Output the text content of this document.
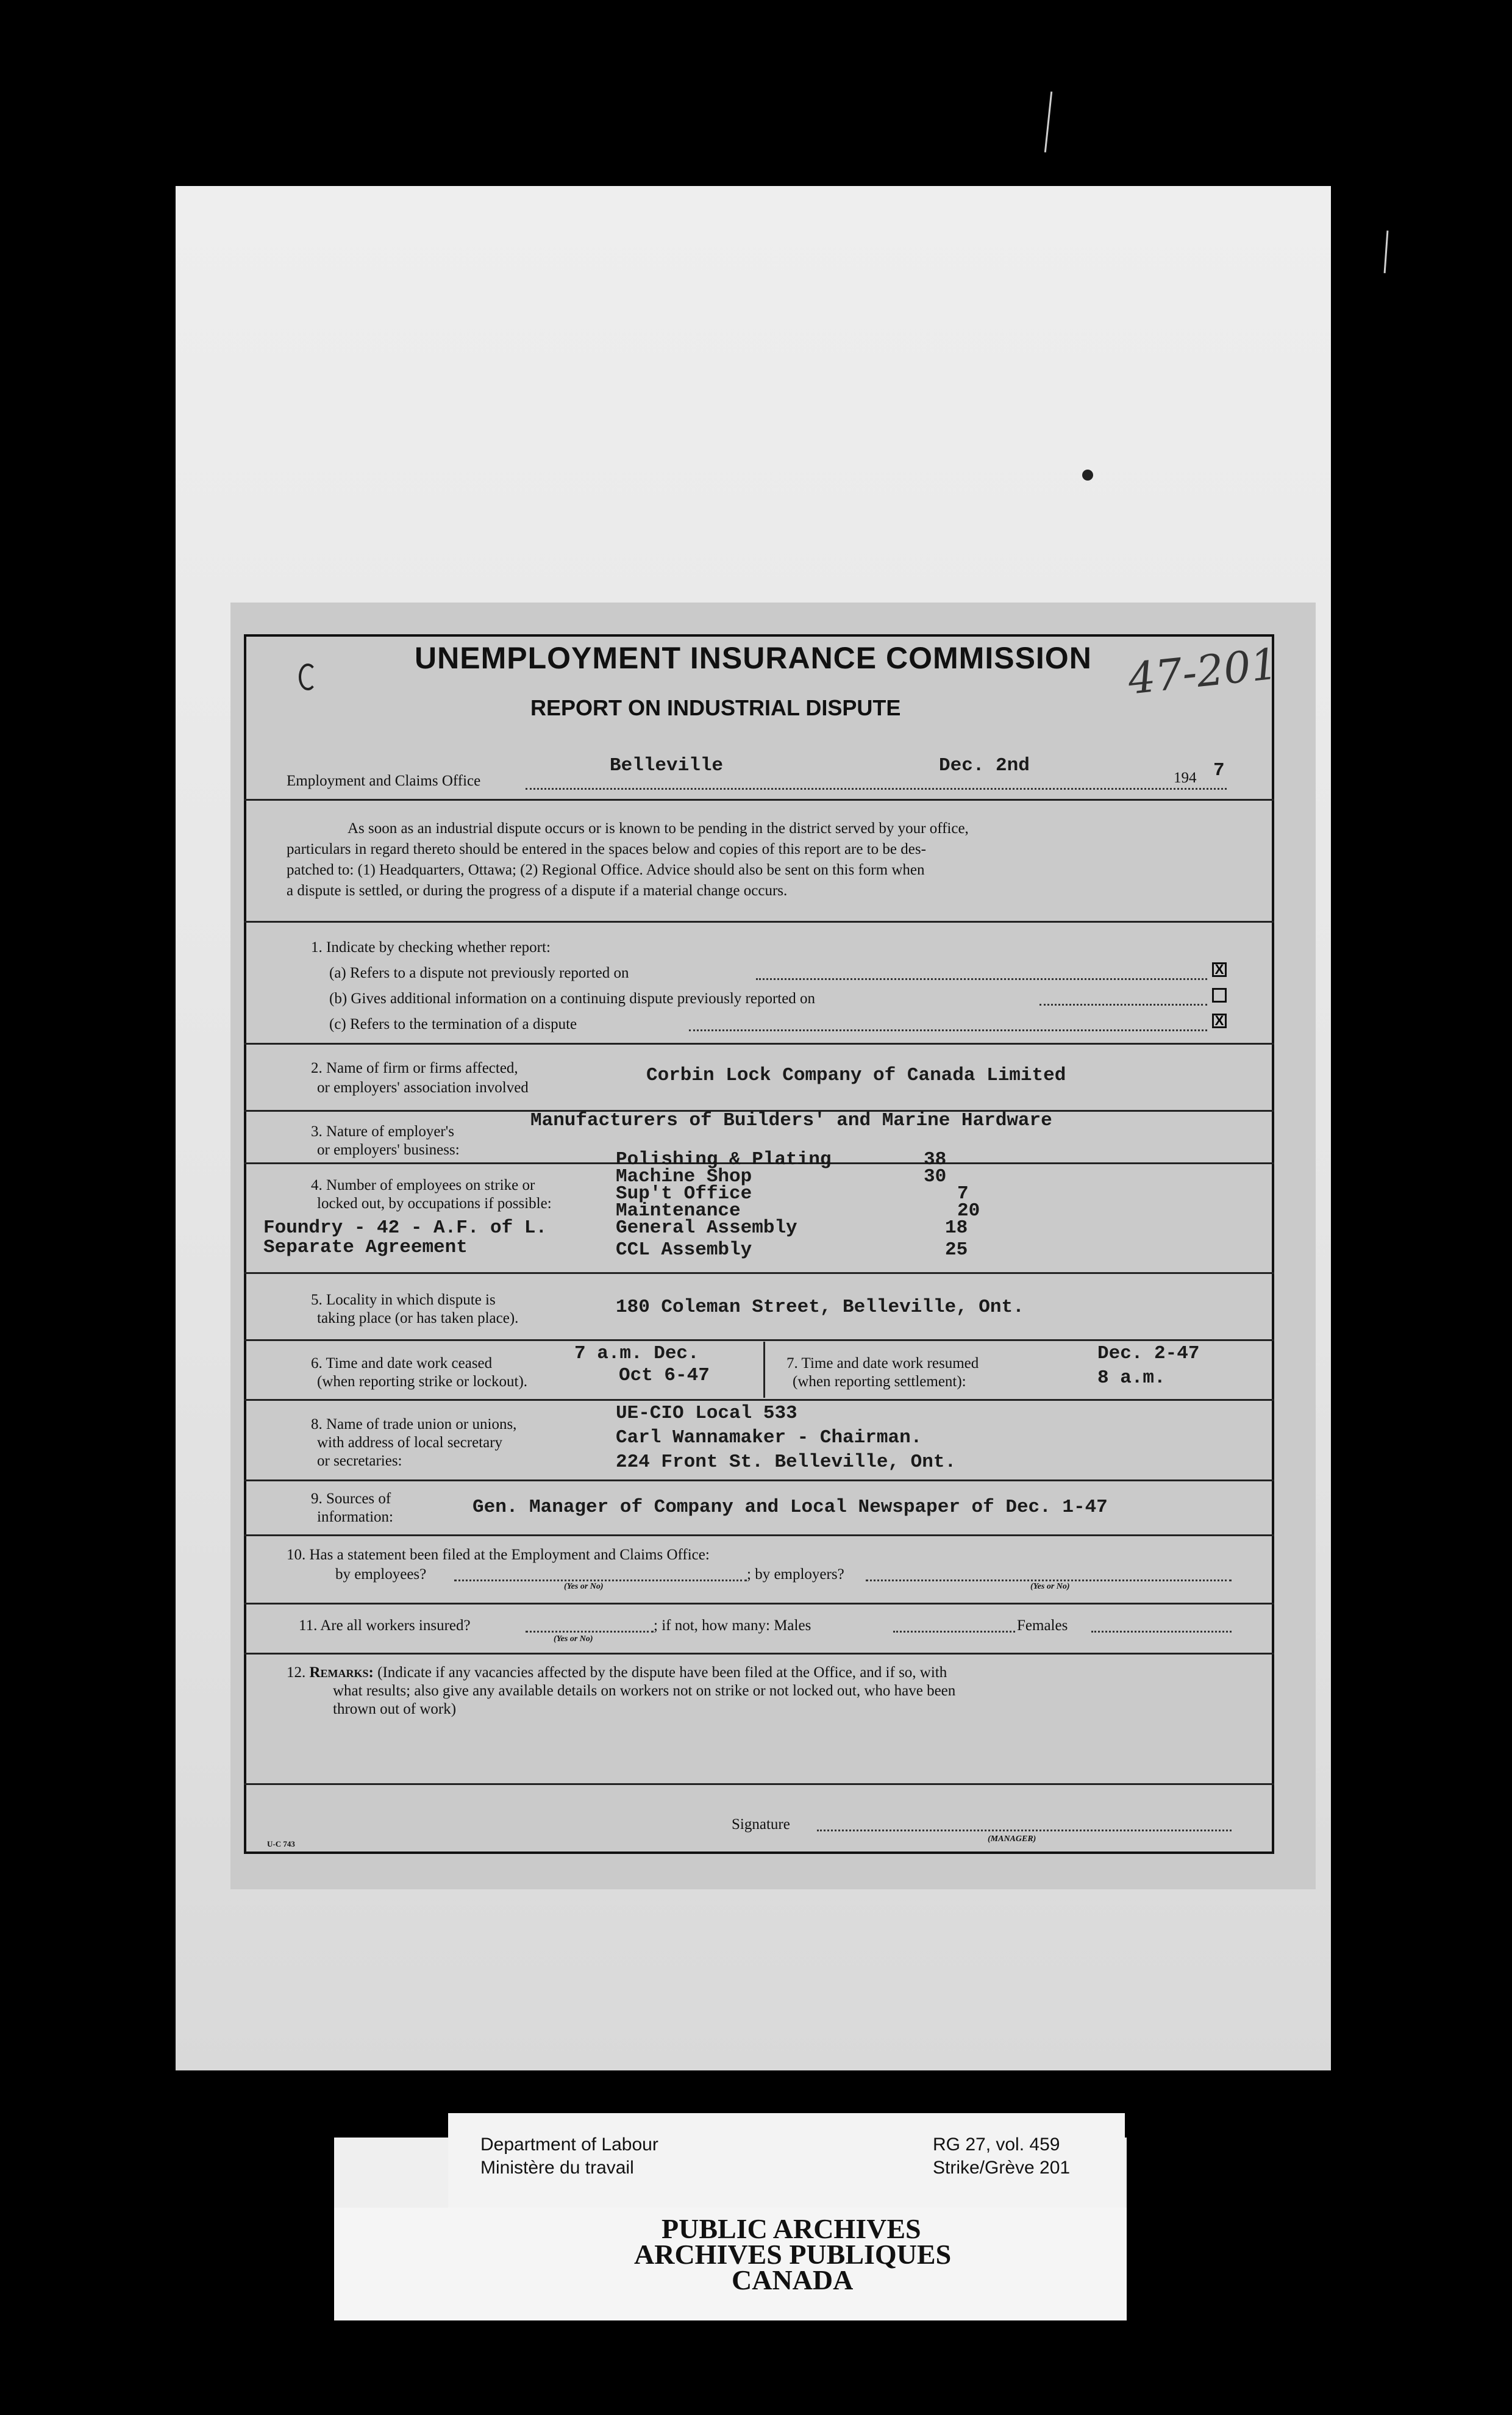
UNEMPLOYMENT INSURANCE COMMISSION
REPORT ON INDUSTRIAL DISPUTE
47-201
Employment and Claims Office
Belleville	Dec. 2nd
194 7
As soon as an industrial dispute occurs or is known to be pending in the district served by your office,
particulars in regard thereto should be entered in the spaces below and copies of this report are to be des-
patched to: (1) Headquarters, Ottawa; (2) Regional Office. Advice should also be sent on this form when
a dispute is settled, or during the progress of a dispute if a material change occurs.
1. Indicate by checking whether report:
(a) Refers to a dispute not previously reported on	X
(b) Gives additional information on a continuing dispute previously reported on
(c) Refers to the termination of a dispute	X
2. Name of firm or firms affected,
or employers' association involved
Corbin Lock Company of Canada Limited
3. Nature of employer's
or employers' business:
Manufacturers of Builders' and Marine Hardware
4. Number of employees on strike or
locked out, by occupations if possible:
Foundry - 42 - A.F. of L.
Separate Agreement
Polishing & Plating	38
Machine Shop	30
Sup't Office	7
Maintenance	20
General Assembly	18
CCL Assembly	25
5. Locality in which dispute is
taking place (or has taken place).
180 Coleman Street, Belleville, Ont.
6. Time and date work ceased
(when reporting strike or lockout).
7 a.m. Dec.
Oct 6-47
7. Time and date work resumed
(when reporting settlement):
Dec. 2-47
8 a.m.
8. Name of trade union or unions,
with address of local secretary
or secretaries:
UE-CIO Local 533
Carl Wannamaker - Chairman.
224 Front St. Belleville, Ont.
9. Sources of
information:	Gen. Manager of Company and Local Newspaper of Dec. 1-47
10. Has a statement been filed at the Employment and Claims Office:
by employees?
(Yes or No)
; by employers?
(Yes or No)
11. Are all workers insured?
(Yes or No)
; if not, how many: Males	Females
12. Remarks: (Indicate if any vacancies affected by the dispute have been filed at the Office, and if so, with
what results; also give any available details on workers not on strike or not locked out, who have been
thrown out of work)
Signature
(MANAGER)
U-C 743
Department of Labour
Ministère du travail
RG 27, vol. 459
Strike/Grève 201
PUBLIC ARCHIVES
ARCHIVES PUBLIQUES
CANADA
